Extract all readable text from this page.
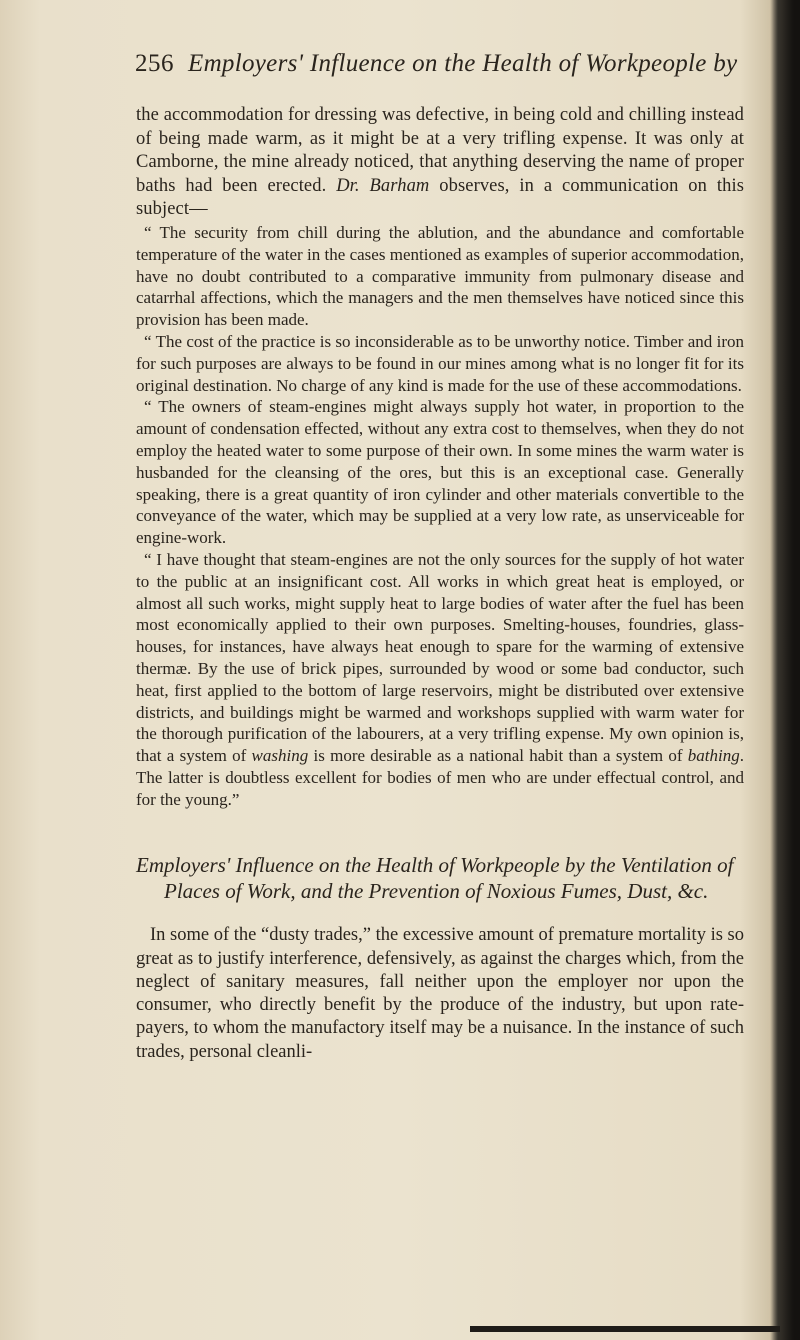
256 Employers' Influence on the Health of Workpeople by

the accommodation for dressing was defective, in being cold and chilling instead of being made warm, as it might be at a very trifling expense. It was only at Camborne, the mine already noticed, that anything deserving the name of proper baths had been erected. Dr. Barham observes, in a communication on this subject—

“ The security from chill during the ablution, and the abundance and comfortable temperature of the water in the cases mentioned as examples of superior accommodation, have no doubt contributed to a comparative immunity from pulmonary disease and catarrhal affections, which the managers and the men themselves have noticed since this provision has been made.

“ The cost of the practice is so inconsiderable as to be unworthy notice. Timber and iron for such purposes are always to be found in our mines among what is no longer fit for its original destination. No charge of any kind is made for the use of these accommodations.

“ The owners of steam-engines might always supply hot water, in proportion to the amount of condensation effected, without any extra cost to themselves, when they do not employ the heated water to some purpose of their own. In some mines the warm water is husbanded for the cleansing of the ores, but this is an exceptional case. Generally speaking, there is a great quantity of iron cylinder and other materials convertible to the conveyance of the water, which may be supplied at a very low rate, as unserviceable for engine-work.

“ I have thought that steam-engines are not the only sources for the supply of hot water to the public at an insignificant cost. All works in which great heat is employed, or almost all such works, might supply heat to large bodies of water after the fuel has been most economically applied to their own purposes. Smelting-houses, foundries, glass-houses, for instances, have always heat enough to spare for the warming of extensive thermæ. By the use of brick pipes, surrounded by wood or some bad conductor, such heat, first applied to the bottom of large reservoirs, might be distributed over extensive districts, and buildings might be warmed and workshops supplied with warm water for the thorough purification of the labourers, at a very trifling expense. My own opinion is, that a system of washing is more desirable as a national habit than a system of bathing. The latter is doubtless excellent for bodies of men who are under effectual control, and for the young.”

Employers' Influence on the Health of Workpeople by the Ventilation of Places of Work, and the Prevention of Noxious Fumes, Dust, &c.

In some of the “dusty trades,” the excessive amount of premature mortality is so great as to justify interference, defensively, as against the charges which, from the neglect of sanitary measures, fall neither upon the employer nor upon the consumer, who directly benefit by the produce of the industry, but upon rate-payers, to whom the manufactory itself may be a nuisance. In the instance of such trades, personal cleanli-
